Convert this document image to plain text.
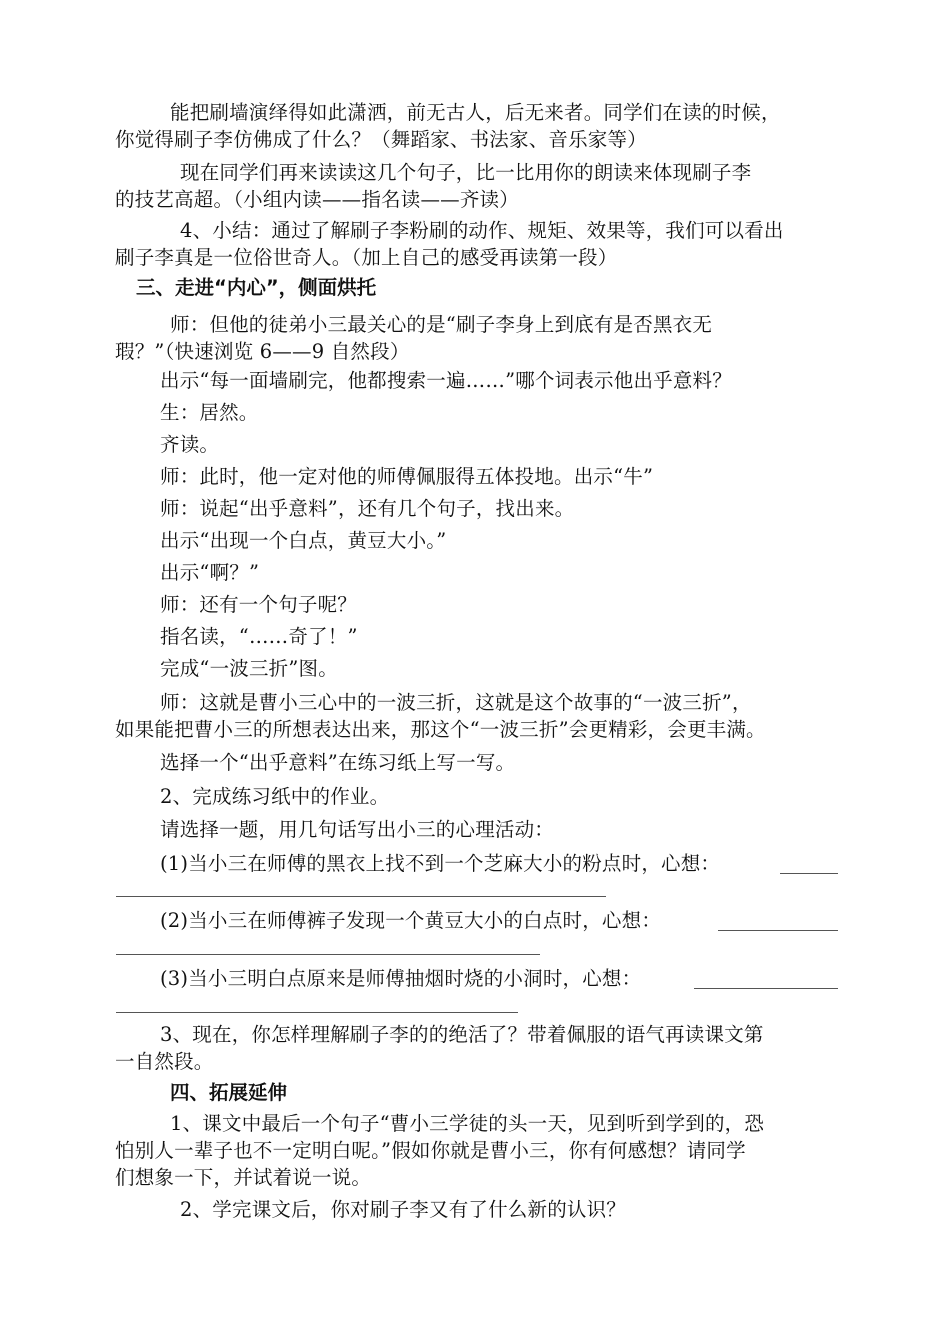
能把刷墙演绎得如此潇洒，前无古人，后无来者。同学们在读的时候，
你觉得刷子李仿佛成了什么？（舞蹈家、书法家、音乐家等）
现在同学们再来读读这几个句子，比一比用你的朗读来体现刷子李
的技艺高超。（小组内读——指名读——齐读）
4、小结：通过了解刷子李粉刷的动作、规矩、效果等，我们可以看出
刷子李真是一位俗世奇人。（加上自己的感受再读第一段）
三、走进“内心”，侧面烘托
师：但他的徒弟小三最关心的是“刷子李身上到底有是否黑衣无
瑕？”（快速浏览 6——9 自然段）
出示“每一面墙刷完，他都搜索一遍……”哪个词表示他出乎意料？
生：居然。
齐读。
师：此时，他一定对他的师傅佩服得五体投地。出示“牛”
师：说起“出乎意料”，还有几个句子，找出来。
出示“出现一个白点，黄豆大小。”
出示“啊？”
师：还有一个句子呢？
指名读，“……奇了！”
完成“一波三折”图。
师：这就是曹小三心中的一波三折，这就是这个故事的“一波三折”，
如果能把曹小三的所想表达出来，那这个“一波三折”会更精彩，会更丰满。
选择一个“出乎意料”在练习纸上写一写。
2、完成练习纸中的作业。
请选择一题，用几句话写出小三的心理活动：
(1)当小三在师傅的黑衣上找不到一个芝麻大小的粉点时，心想：
(2)当小三在师傅裤子发现一个黄豆大小的白点时，心想：
(3)当小三明白点原来是师傅抽烟时烧的小洞时，心想：
3、现在，你怎样理解刷子李的的绝活了？带着佩服的语气再读课文第
一自然段。
四、拓展延伸
1、课文中最后一个句子“曹小三学徒的头一天，见到听到学到的，恐
怕别人一辈子也不一定明白呢。”假如你就是曹小三，你有何感想？请同学
们想象一下，并试着说一说。
2、学完课文后，你对刷子李又有了什么新的认识？
